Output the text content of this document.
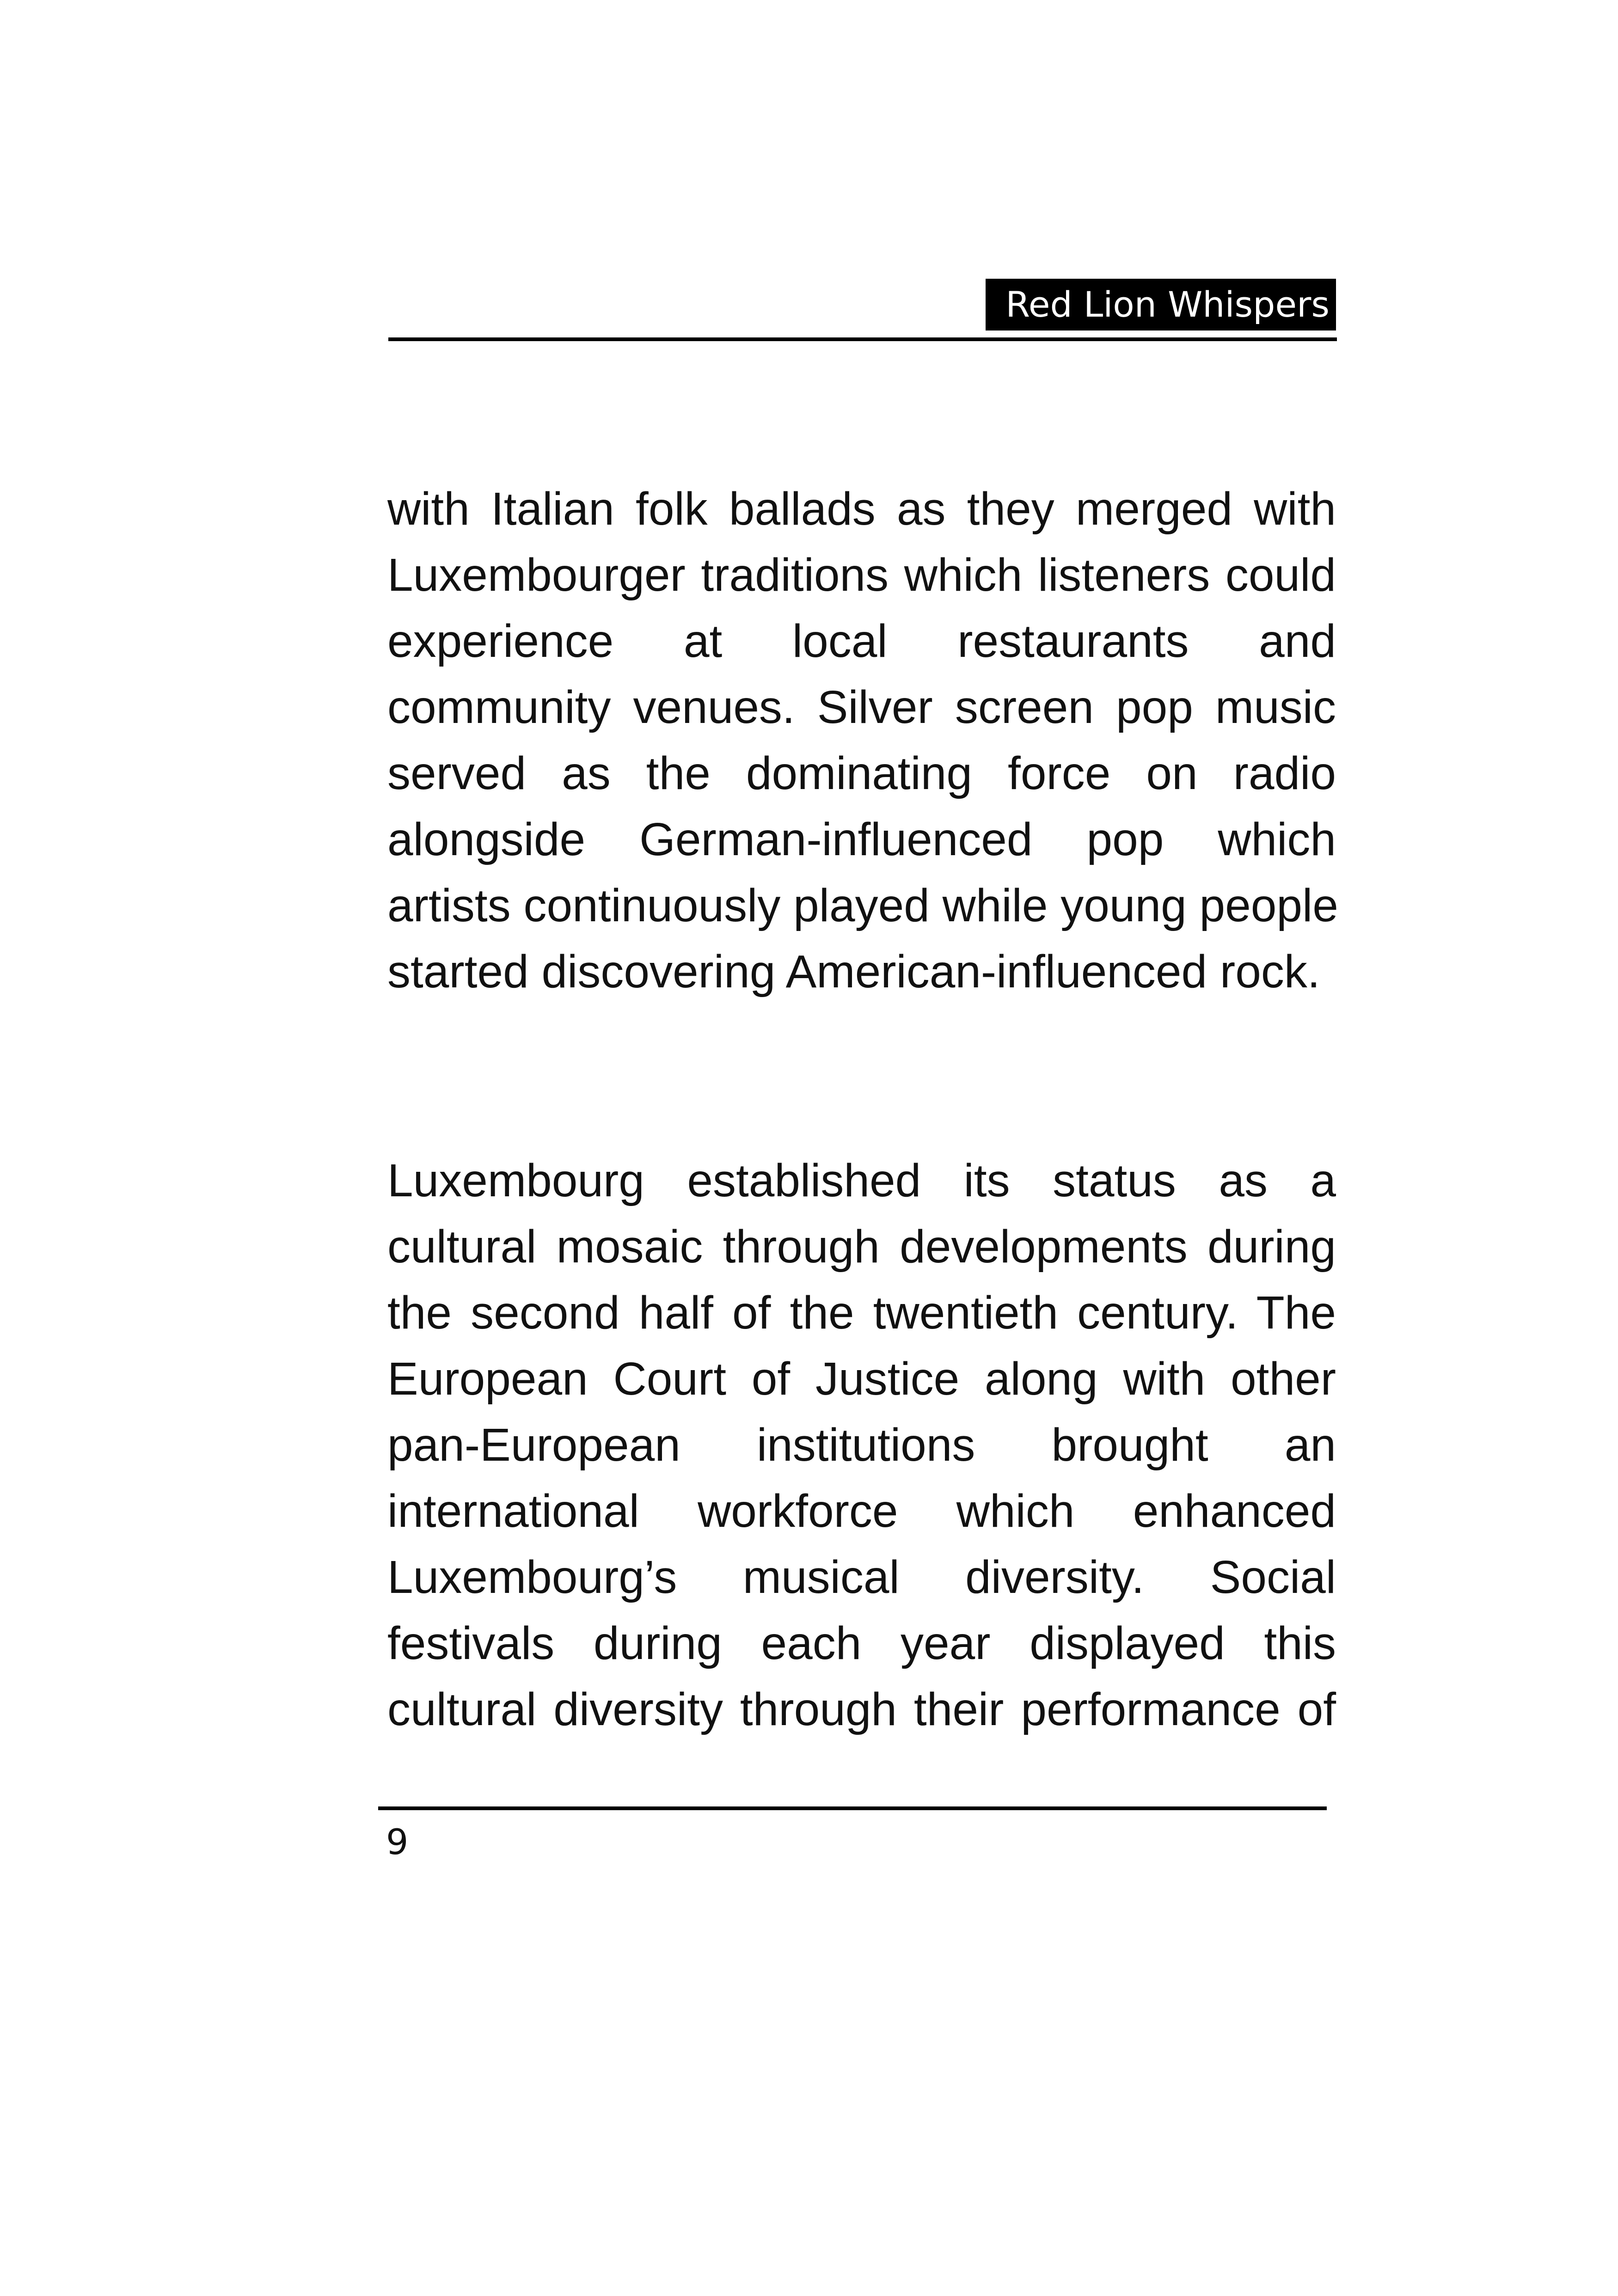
Red Lion Whispers
with Italian folk ballads as they merged with
Luxembourger traditions which listeners could
experience at local restaurants and
community venues. Silver screen pop music
served as the dominating force on radio
alongside German-influenced pop which
artists continuously played while young people
started discovering American-influenced rock.
Luxembourg established its status as a
cultural mosaic through developments during
the second half of the twentieth century. The
European Court of Justice along with other
pan-European institutions brought an
international workforce which enhanced
Luxembourg’s musical diversity. Social
festivals during each year displayed this
cultural diversity through their performance of
9
